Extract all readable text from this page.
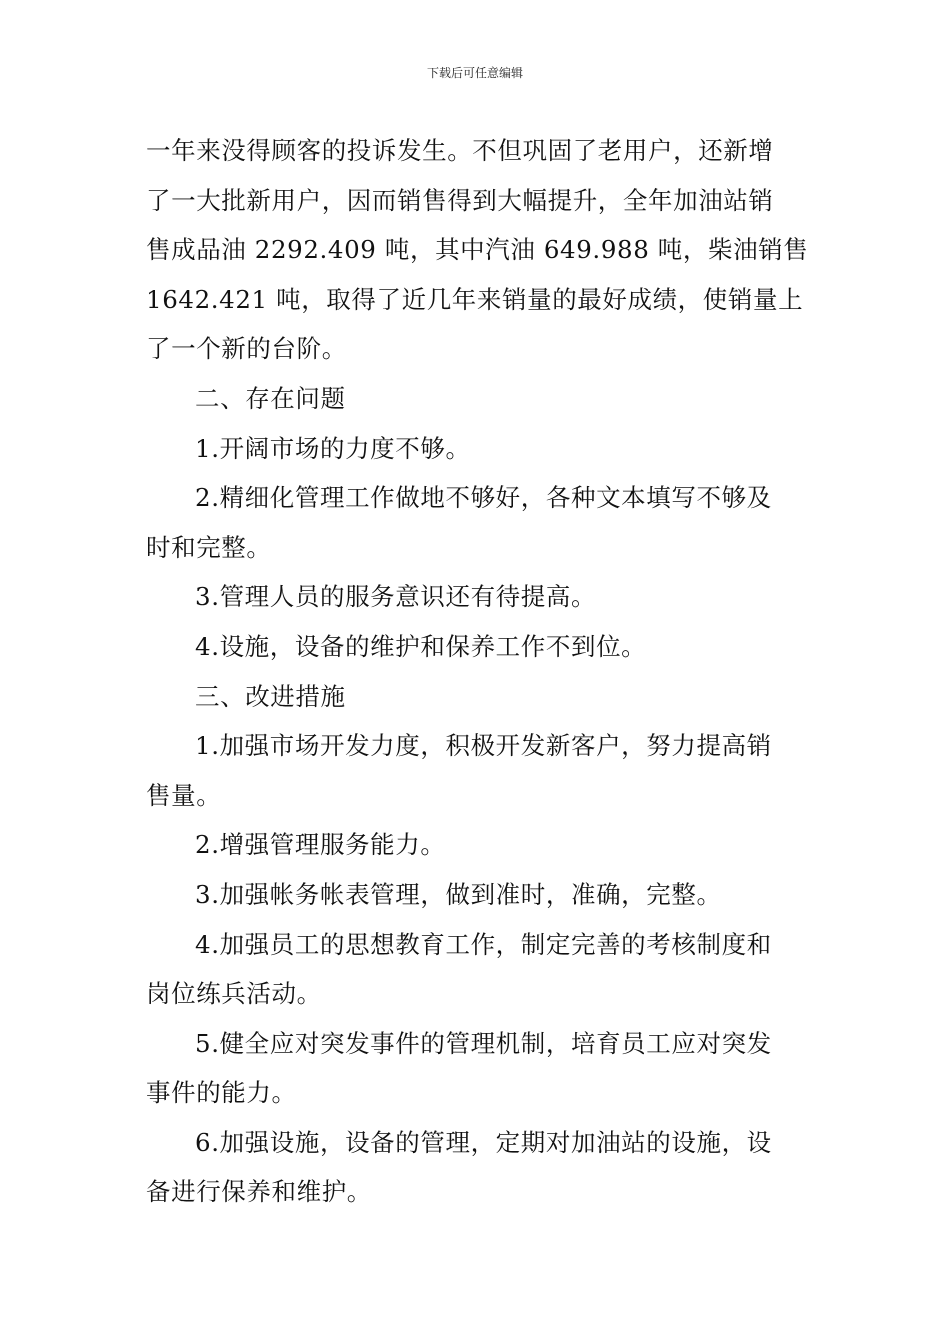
下载后可任意编辑

一年来没得顾客的投诉发生。不但巩固了老用户，还新增
了一大批新用户，因而销售得到大幅提升，全年加油站销
售成品油 2292.409 吨，其中汽油 649.988 吨，柴油销售
1642.421 吨，取得了近几年来销量的最好成绩，使销量上
了一个新的台阶。

二、存在问题

1.开阔市场的力度不够。

2.精细化管理工作做地不够好，各种文本填写不够及
时和完整。

3.管理人员的服务意识还有待提高。

4.设施，设备的维护和保养工作不到位。

三、改进措施

1.加强市场开发力度，积极开发新客户，努力提高销
售量。

2.增强管理服务能力。

3.加强帐务帐表管理，做到准时，准确，完整。

4.加强员工的思想教育工作，制定完善的考核制度和
岗位练兵活动。

5.健全应对突发事件的管理机制，培育员工应对突发
事件的能力。

6.加强设施，设备的管理，定期对加油站的设施，设
备进行保养和维护。
